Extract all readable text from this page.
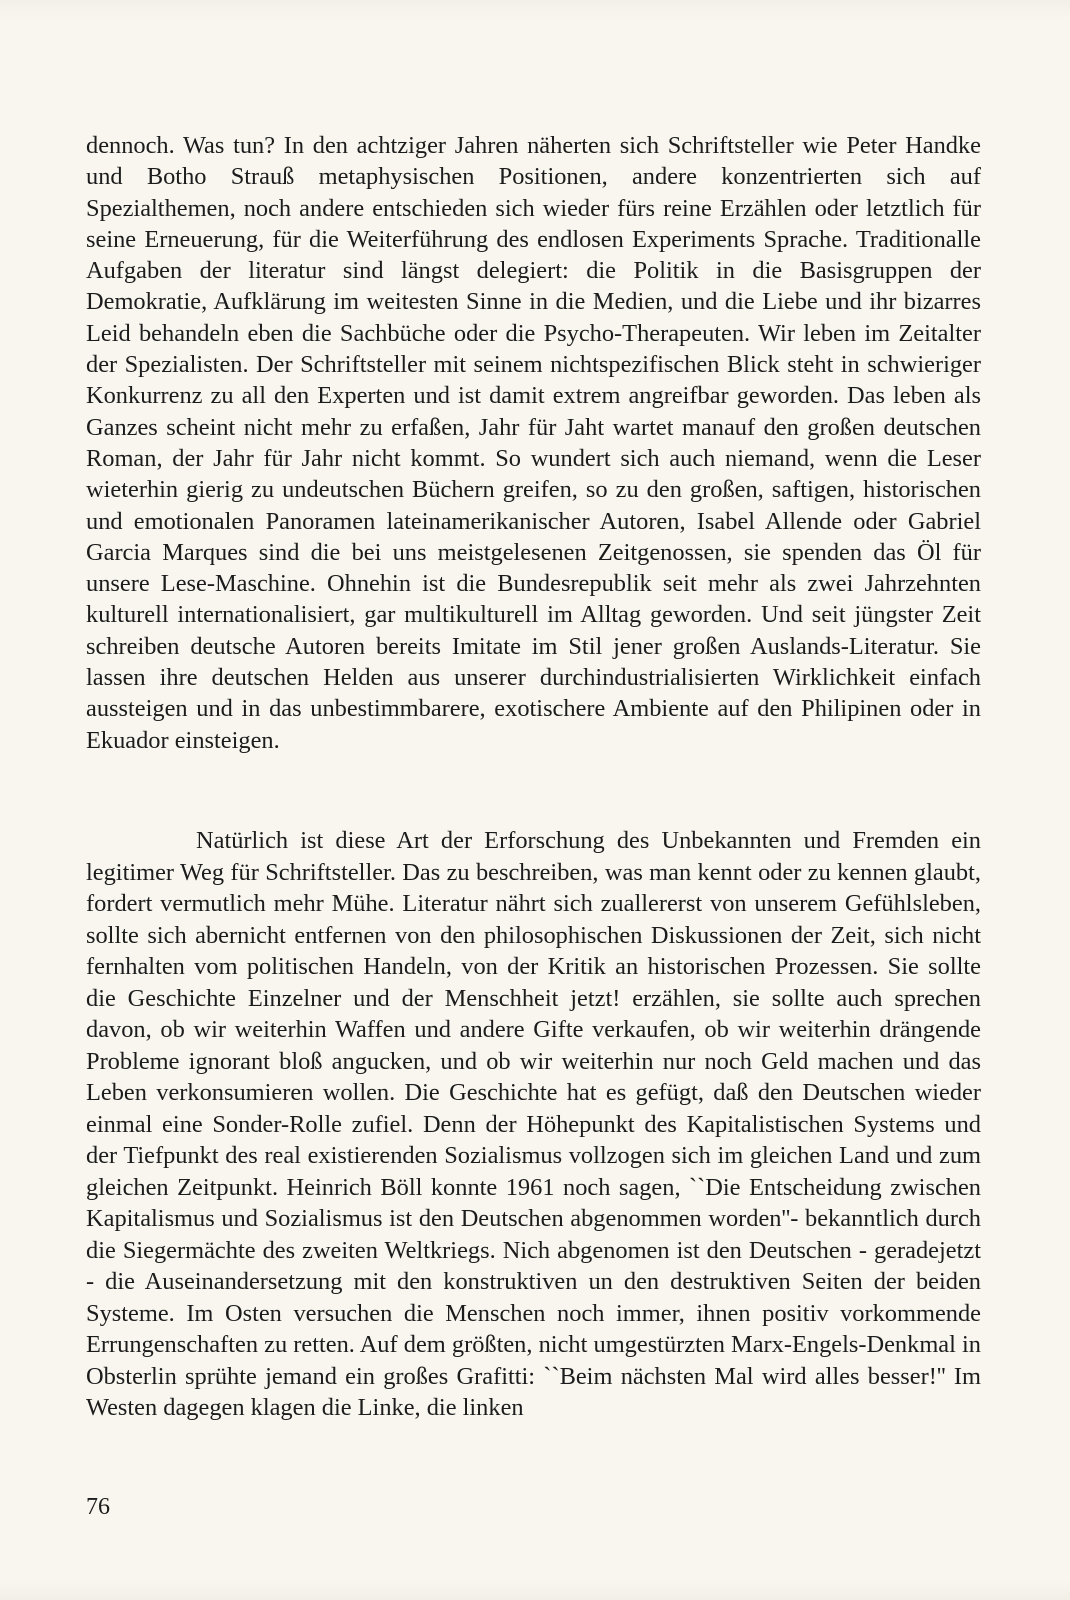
dennoch. Was tun? In den achtziger Jahren näherten sich Schriftsteller wie Peter Handke und Botho Strauß metaphysischen Positionen, andere konzentrierten sich auf Spezialthemen, noch andere entschieden sich wieder fürs reine Erzählen oder letztlich für seine Erneuerung, für die Weiterführung des endlosen Experiments Sprache. Traditionalle Aufgaben der literatur sind längst delegiert: die Politik in die Basisgruppen der Demokratie, Aufklärung im weitesten Sinne in die Medien, und die Liebe und ihr bizarres Leid behandeln eben die Sachbüche oder die Psycho-Therapeuten. Wir leben im Zeitalter der Spezialisten. Der Schriftsteller mit seinem nichtspezifischen Blick steht in schwieriger Konkurrenz zu all den Experten und ist damit extrem angreifbar geworden. Das leben als Ganzes scheint nicht mehr zu erfaßen, Jahr für Jaht wartet manauf den großen deutschen Roman, der Jahr für Jahr nicht kommt. So wundert sich auch niemand, wenn die Leser wieterhin gierig zu undeutschen Büchern greifen, so zu den großen, saftigen, historischen und emotionalen Panoramen lateinamerikanischer Autoren, Isabel Allende oder Gabriel Garcia Marques sind die bei uns meistgelesenen Zeitgenossen, sie spenden das Öl für unsere Lese-Maschine. Ohnehin ist die Bundesrepublik seit mehr als zwei Jahrzehnten kulturell internationalisiert, gar multikulturell im Alltag geworden. Und seit jüngster Zeit schreiben deutsche Autoren bereits Imitate im Stil jener großen Auslands-Literatur. Sie lassen ihre deutschen Helden aus unserer durchindustrialisierten Wirklichkeit einfach aussteigen und in das unbestimmbarere, exotischere Ambiente auf den Philipinen oder in Ekuador einsteigen.

Natürlich ist diese Art der Erforschung des Unbekannten und Fremden ein legitimer Weg für Schriftsteller. Das zu beschreiben, was man kennt oder zu kennen glaubt, fordert vermutlich mehr Mühe. Literatur nährt sich zuallererst von unserem Gefühlsleben, sollte sich abernicht entfernen von den philosophischen Diskussionen der Zeit, sich nicht fernhalten vom politischen Handeln, von der Kritik an historischen Prozessen. Sie sollte die Geschichte Einzelner und der Menschheit jetzt! erzählen, sie sollte auch sprechen davon, ob wir weiterhin Waffen und andere Gifte verkaufen, ob wir weiterhin drängende Probleme ignorant bloß angucken, und ob wir weiterhin nur noch Geld machen und das Leben verkonsumieren wollen. Die Geschichte hat es gefügt, daß den Deutschen wieder einmal eine Sonder-Rolle zufiel. Denn der Höhepunkt des Kapitalistischen Systems und der Tiefpunkt des real existierenden Sozialismus vollzogen sich im gleichen Land und zum gleichen Zeitpunkt. Heinrich Böll konnte 1961 noch sagen, ``Die Entscheidung zwischen Kapitalismus und Sozialismus ist den Deutschen abgenommen worden''- bekanntlich durch die Siegermächte des zweiten Weltkriegs. Nich abgenomen ist den Deutschen - geradejetzt - die Auseinandersetzung mit den konstruktiven un den destruktiven Seiten der beiden Systeme. Im Osten versuchen die Menschen noch immer, ihnen positiv vorkommende Errungenschaften zu retten. Auf dem größten, nicht umgestürzten Marx-Engels-Denkmal in Obsterlin sprühte jemand ein großes Grafitti: ``Beim nächsten Mal wird alles besser!'' Im Westen dagegen klagen die Linke, die linken

76
